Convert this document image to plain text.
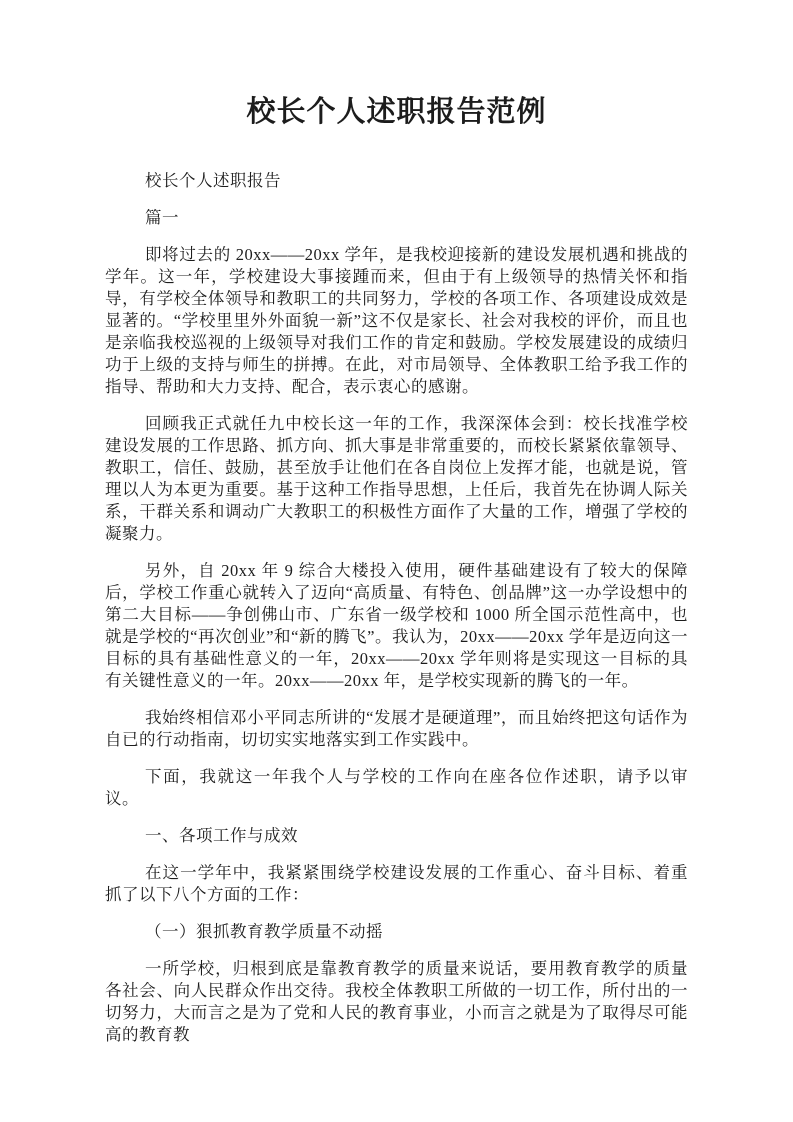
校长个人述职报告范例

校长个人述职报告

篇一

即将过去的 20xx——20xx 学年，是我校迎接新的建设发展机遇和挑战的学年。这一年，学校建设大事接踵而来，但由于有上级领导的热情关怀和指导，有学校全体领导和教职工的共同努力，学校的各项工作、各项建设成效是显著的。“学校里里外外面貌一新”这不仅是家长、社会对我校的评价，而且也是亲临我校巡视的上级领导对我们工作的肯定和鼓励。学校发展建设的成绩归功于上级的支持与师生的拼搏。在此，对市局领导、全体教职工给予我工作的指导、帮助和大力支持、配合，表示衷心的感谢。

回顾我正式就任九中校长这一年的工作，我深深体会到：校长找准学校建设发展的工作思路、抓方向、抓大事是非常重要的，而校长紧紧依靠领导、教职工，信任、鼓励，甚至放手让他们在各自岗位上发挥才能，也就是说，管理以人为本更为重要。基于这种工作指导思想，上任后，我首先在协调人际关系，干群关系和调动广大教职工的积极性方面作了大量的工作，增强了学校的凝聚力。

另外，自 20xx 年 9 综合大楼投入使用，硬件基础建设有了较大的保障后，学校工作重心就转入了迈向“高质量、有特色、创品牌”这一办学设想中的第二大目标——争创佛山市、广东省一级学校和 1000 所全国示范性高中，也就是学校的“再次创业”和“新的腾飞”。我认为，20xx——20xx 学年是迈向这一目标的具有基础性意义的一年，20xx——20xx 学年则将是实现这一目标的具有关键性意义的一年。20xx——20xx 年，是学校实现新的腾飞的一年。

我始终相信邓小平同志所讲的“发展才是硬道理”，而且始终把这句话作为自已的行动指南，切切实实地落实到工作实践中。

下面，我就这一年我个人与学校的工作向在座各位作述职，请予以审议。

一、各项工作与成效

在这一学年中，我紧紧围绕学校建设发展的工作重心、奋斗目标、着重抓了以下八个方面的工作：

（一）狠抓教育教学质量不动摇

一所学校，归根到底是靠教育教学的质量来说话，要用教育教学的质量各社会、向人民群众作出交待。我校全体教职工所做的一切工作，所付出的一切努力，大而言之是为了党和人民的教育事业，小而言之就是为了取得尽可能高的教育教
